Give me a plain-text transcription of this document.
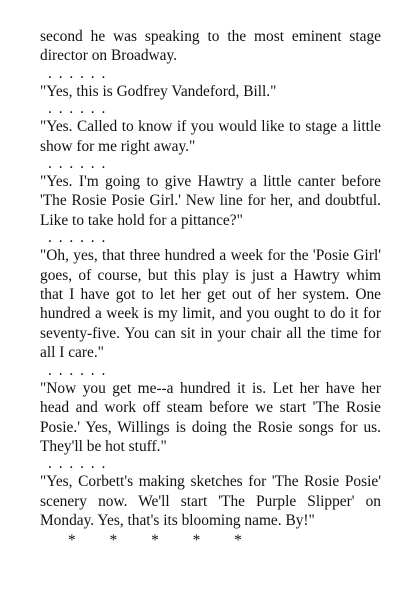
second he was speaking to the most eminent stage director on Broadway.

. . . . . .

"Yes, this is Godfrey Vandeford, Bill."

. . . . . .

"Yes. Called to know if you would like to stage a little show for me right away."

. . . . . .

"Yes. I'm going to give Hawtry a little canter before 'The Rosie Posie Girl.' New line for her, and doubtful. Like to take hold for a pittance?"

. . . . . .

"Oh, yes, that three hundred a week for the 'Posie Girl' goes, of course, but this play is just a Hawtry whim that I have got to let her get out of her system. One hundred a week is my limit, and you ought to do it for seventy-five. You can sit in your chair all the time for all I care."

. . . . . .

"Now you get me--a hundred it is. Let her have her head and work off steam before we start 'The Rosie Posie.' Yes, Willings is doing the Rosie songs for us. They'll be hot stuff."

. . . . . .

"Yes, Corbett's making sketches for 'The Rosie Posie' scenery now. We'll start 'The Purple Slipper' on Monday. Yes, that's its blooming name. By!"

* * * * *
